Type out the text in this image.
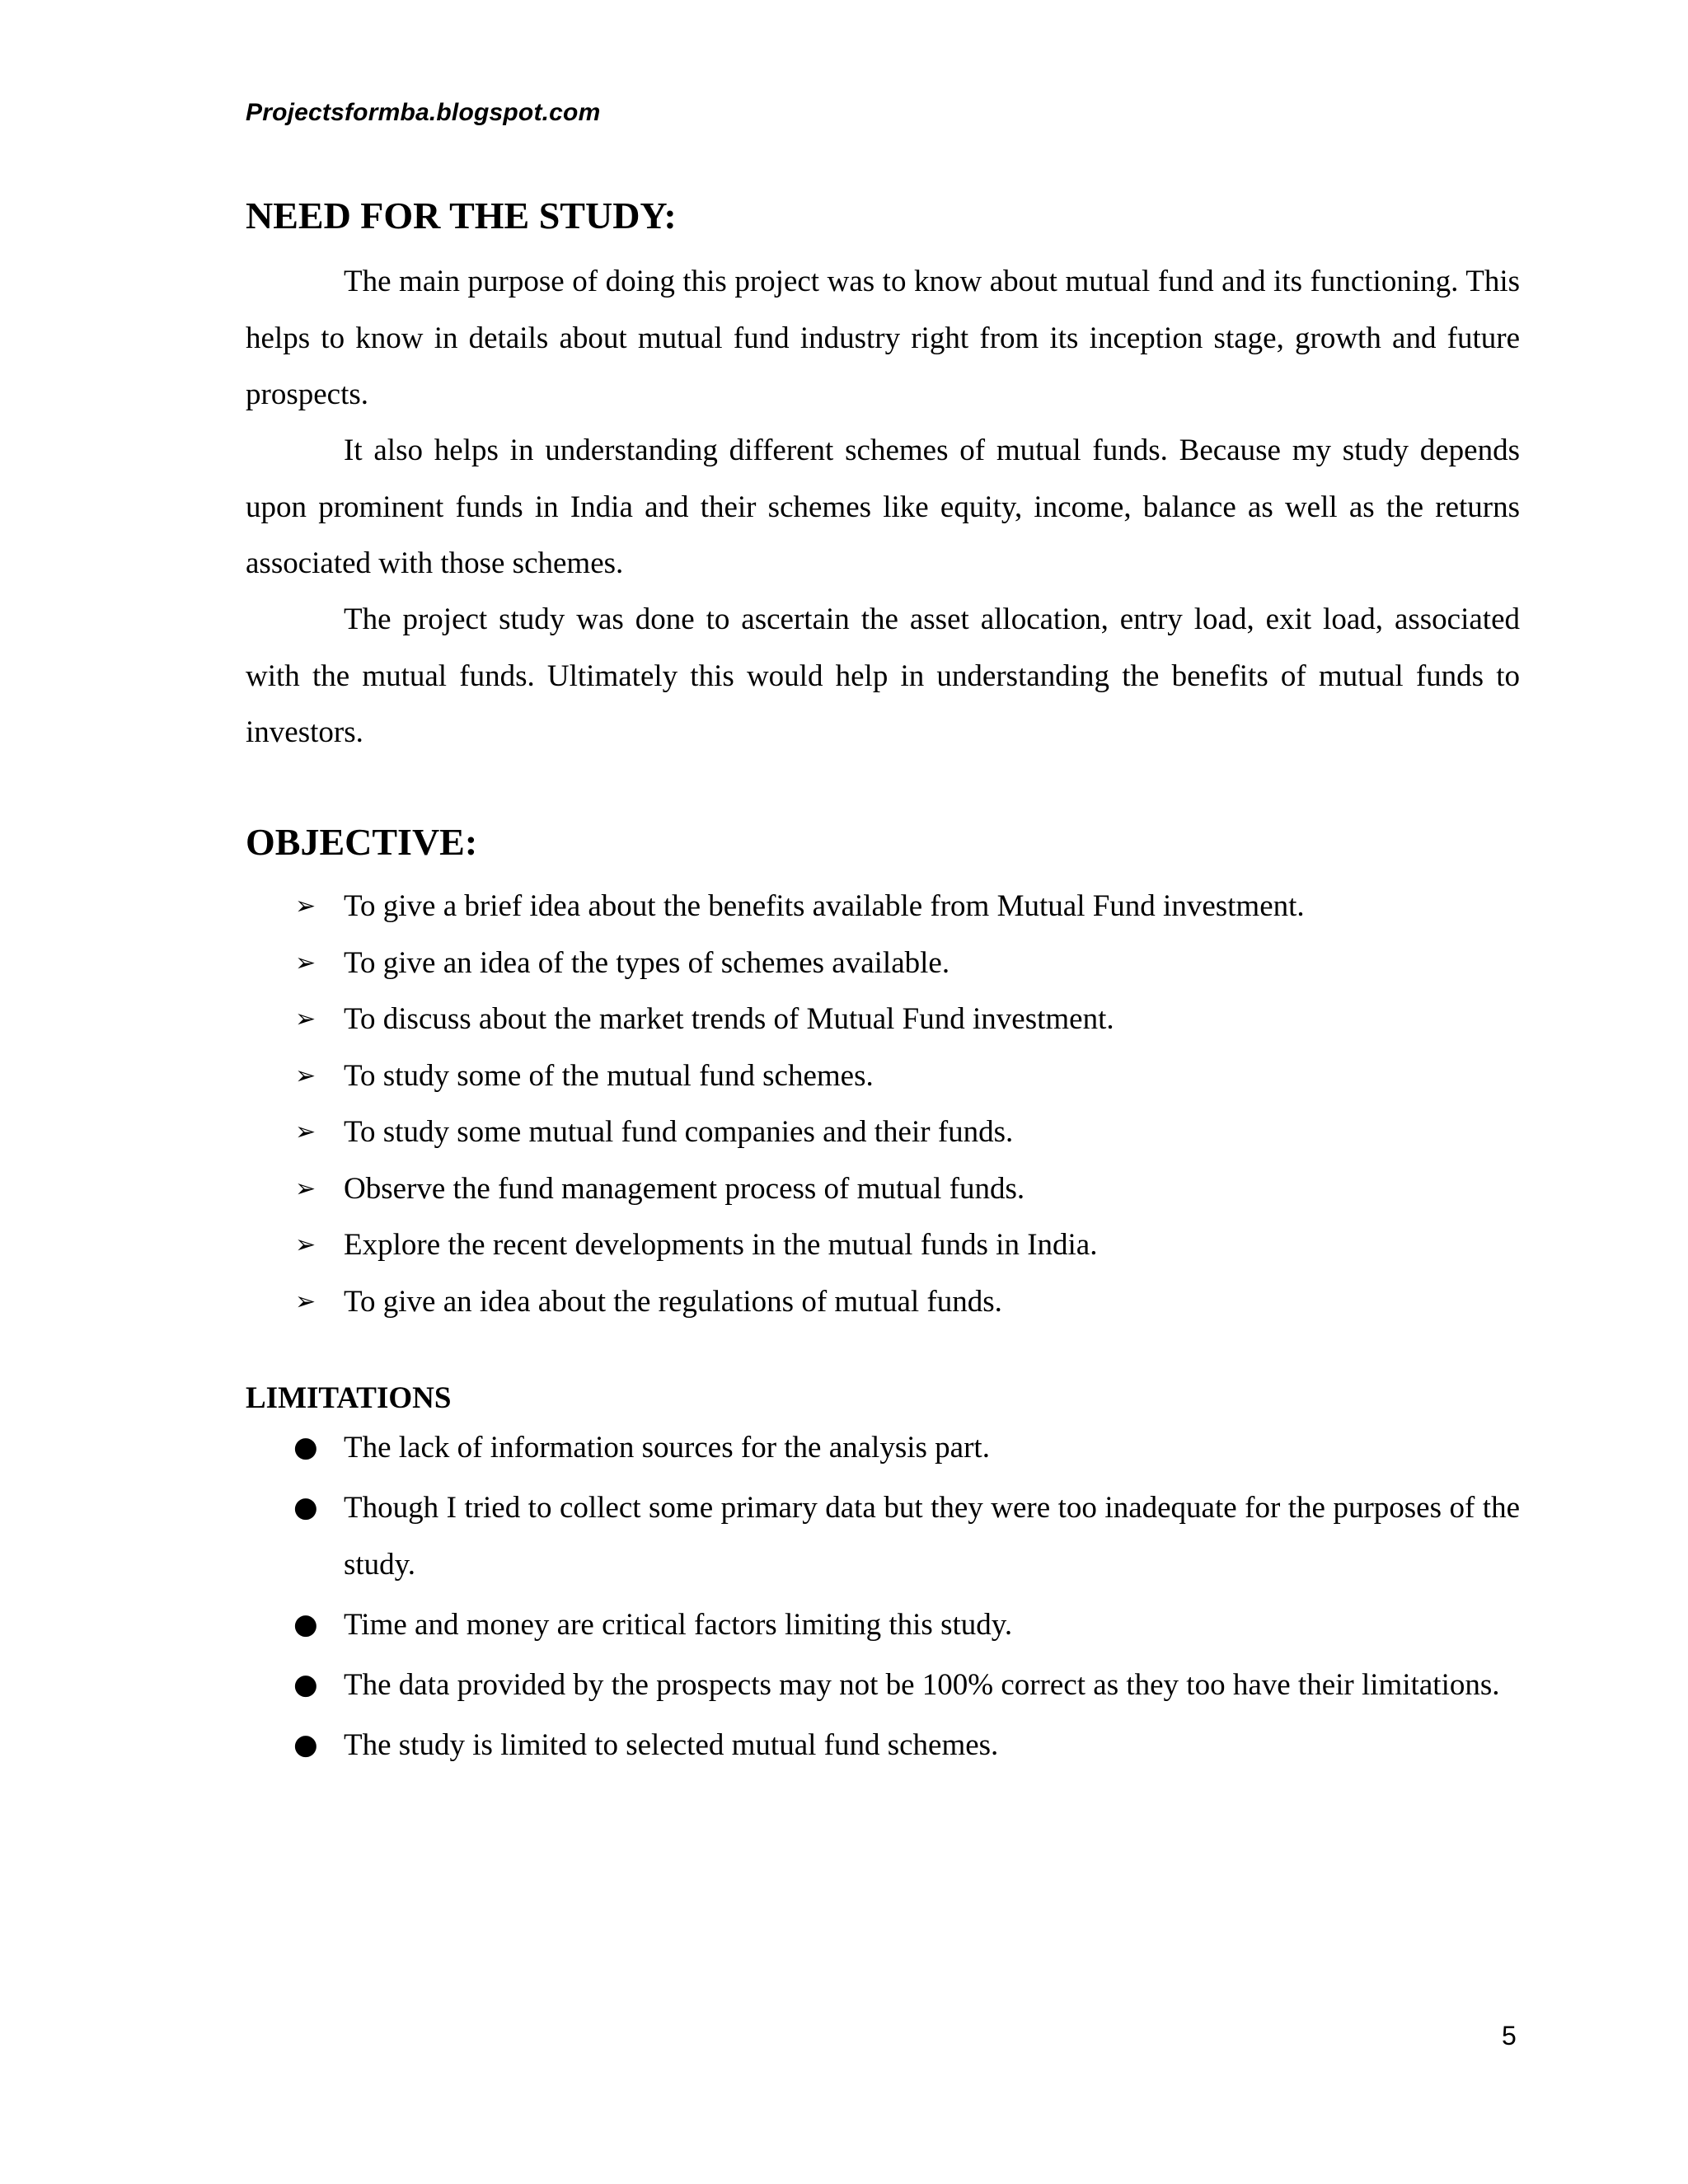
Projectsformba.blogspot.com
NEED FOR THE STUDY:

The main purpose of doing this project was to know about mutual fund and its functioning. This helps to know in details about mutual fund industry right from its inception stage, growth and future prospects.

It also helps in understanding different schemes of mutual funds. Because my study depends upon prominent funds in India and their schemes like equity, income, balance as well as the returns associated with those schemes.

The project study was done to ascertain the asset allocation, entry load, exit load, associated with the mutual funds. Ultimately this would help in understanding the benefits of mutual funds to investors.

OBJECTIVE:
➢ To give a brief idea about the benefits available from Mutual Fund investment.
➢ To give an idea of the types of schemes available.
➢ To discuss about the market trends of Mutual Fund investment.
➢ To study some of the mutual fund schemes.
➢ To study some mutual fund companies and their funds.
➢ Observe the fund management process of mutual funds.
➢ Explore the recent developments in the mutual funds in India.
➢ To give an idea about the regulations of mutual funds.
LIMITATIONS
● The lack of information sources for the analysis part.
● Though I tried to collect some primary data but they were too inadequate for the purposes of the study.
● Time and money are critical factors limiting this study.
● The data provided by the prospects may not be 100% correct as they too have their limitations.
● The study is limited to selected mutual fund schemes.
5
